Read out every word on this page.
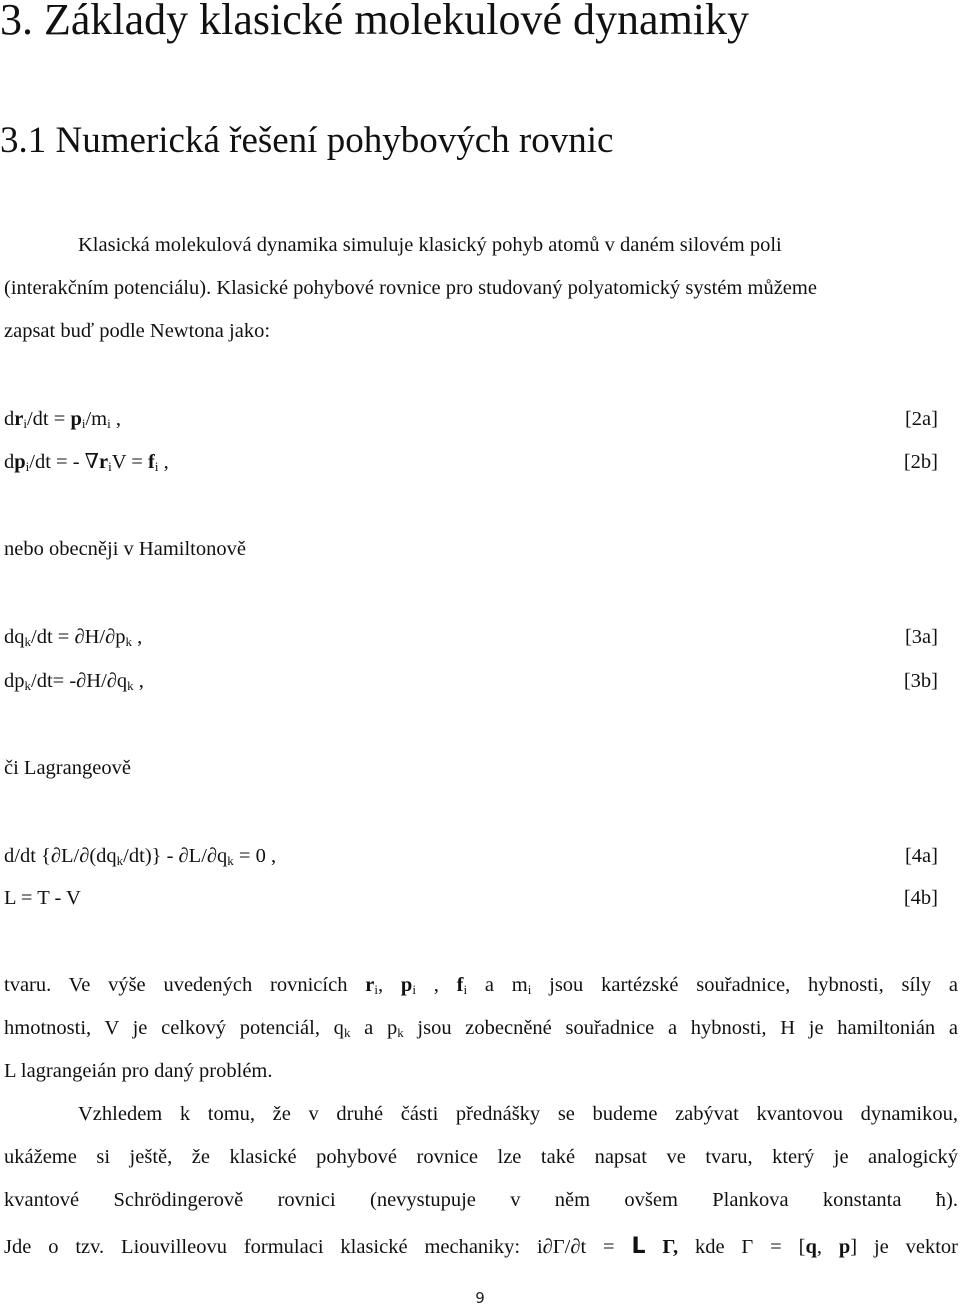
3. Základy klasické molekulové dynamiky
3.1 Numerická řešení pohybových rovnic
Klasická molekulová dynamika simuluje klasický pohyb atomů v daném silovém poli
(interakčním potenciálu). Klasické pohybové rovnice pro studovaný polyatomický systém můžeme
zapsat buď podle Newtona jako:
$dr_i/dt = p_i/m_i$ ,	[2a]
$dp_i/dt$ = - $\nabla r_iV = f_i$ ,	[2b]
nebo obecněji v Hamiltonově
$dq_k/dt = \partial H/\partial p_k$ ,	[3a]
$dp_k/dt= -\partial H/\partial q_k$ ,	[3b]
či Lagrangeově
d/dt $\{\partial L/\partial(dq_k/dt)\} - \partial L/\partial q_k = 0$ ,	[4a]
L = T - V	[4b]
tvaru. Ve výše uvedených rovnicích $r_i$, $p_i$ , $f_i$ a $m_i$ jsou kartézské souřadnice, hybnosti, síly a
hmotnosti, V je celkový potenciál, $q_k$ a $p_k$ jsou zobecněné souřadnice a hybnosti, H je hamiltonián a
L lagrangeián pro daný problém.
Vzhledem k tomu, že v druhé části přednášky se budeme zabývat kvantovou dynamikou,
ukážeme si ještě, že klasické pohybové rovnice lze také napsat ve tvaru, který je analogický
kvantové Schrödingerově rovnici (nevystupuje v něm ovšem Plankova konstanta ħ).
Jde o tzv. Liouvilleovu formulaci klasické mechaniky: i∂Γ/∂t = L Γ, kde Γ = [q, p] je vektor
9
